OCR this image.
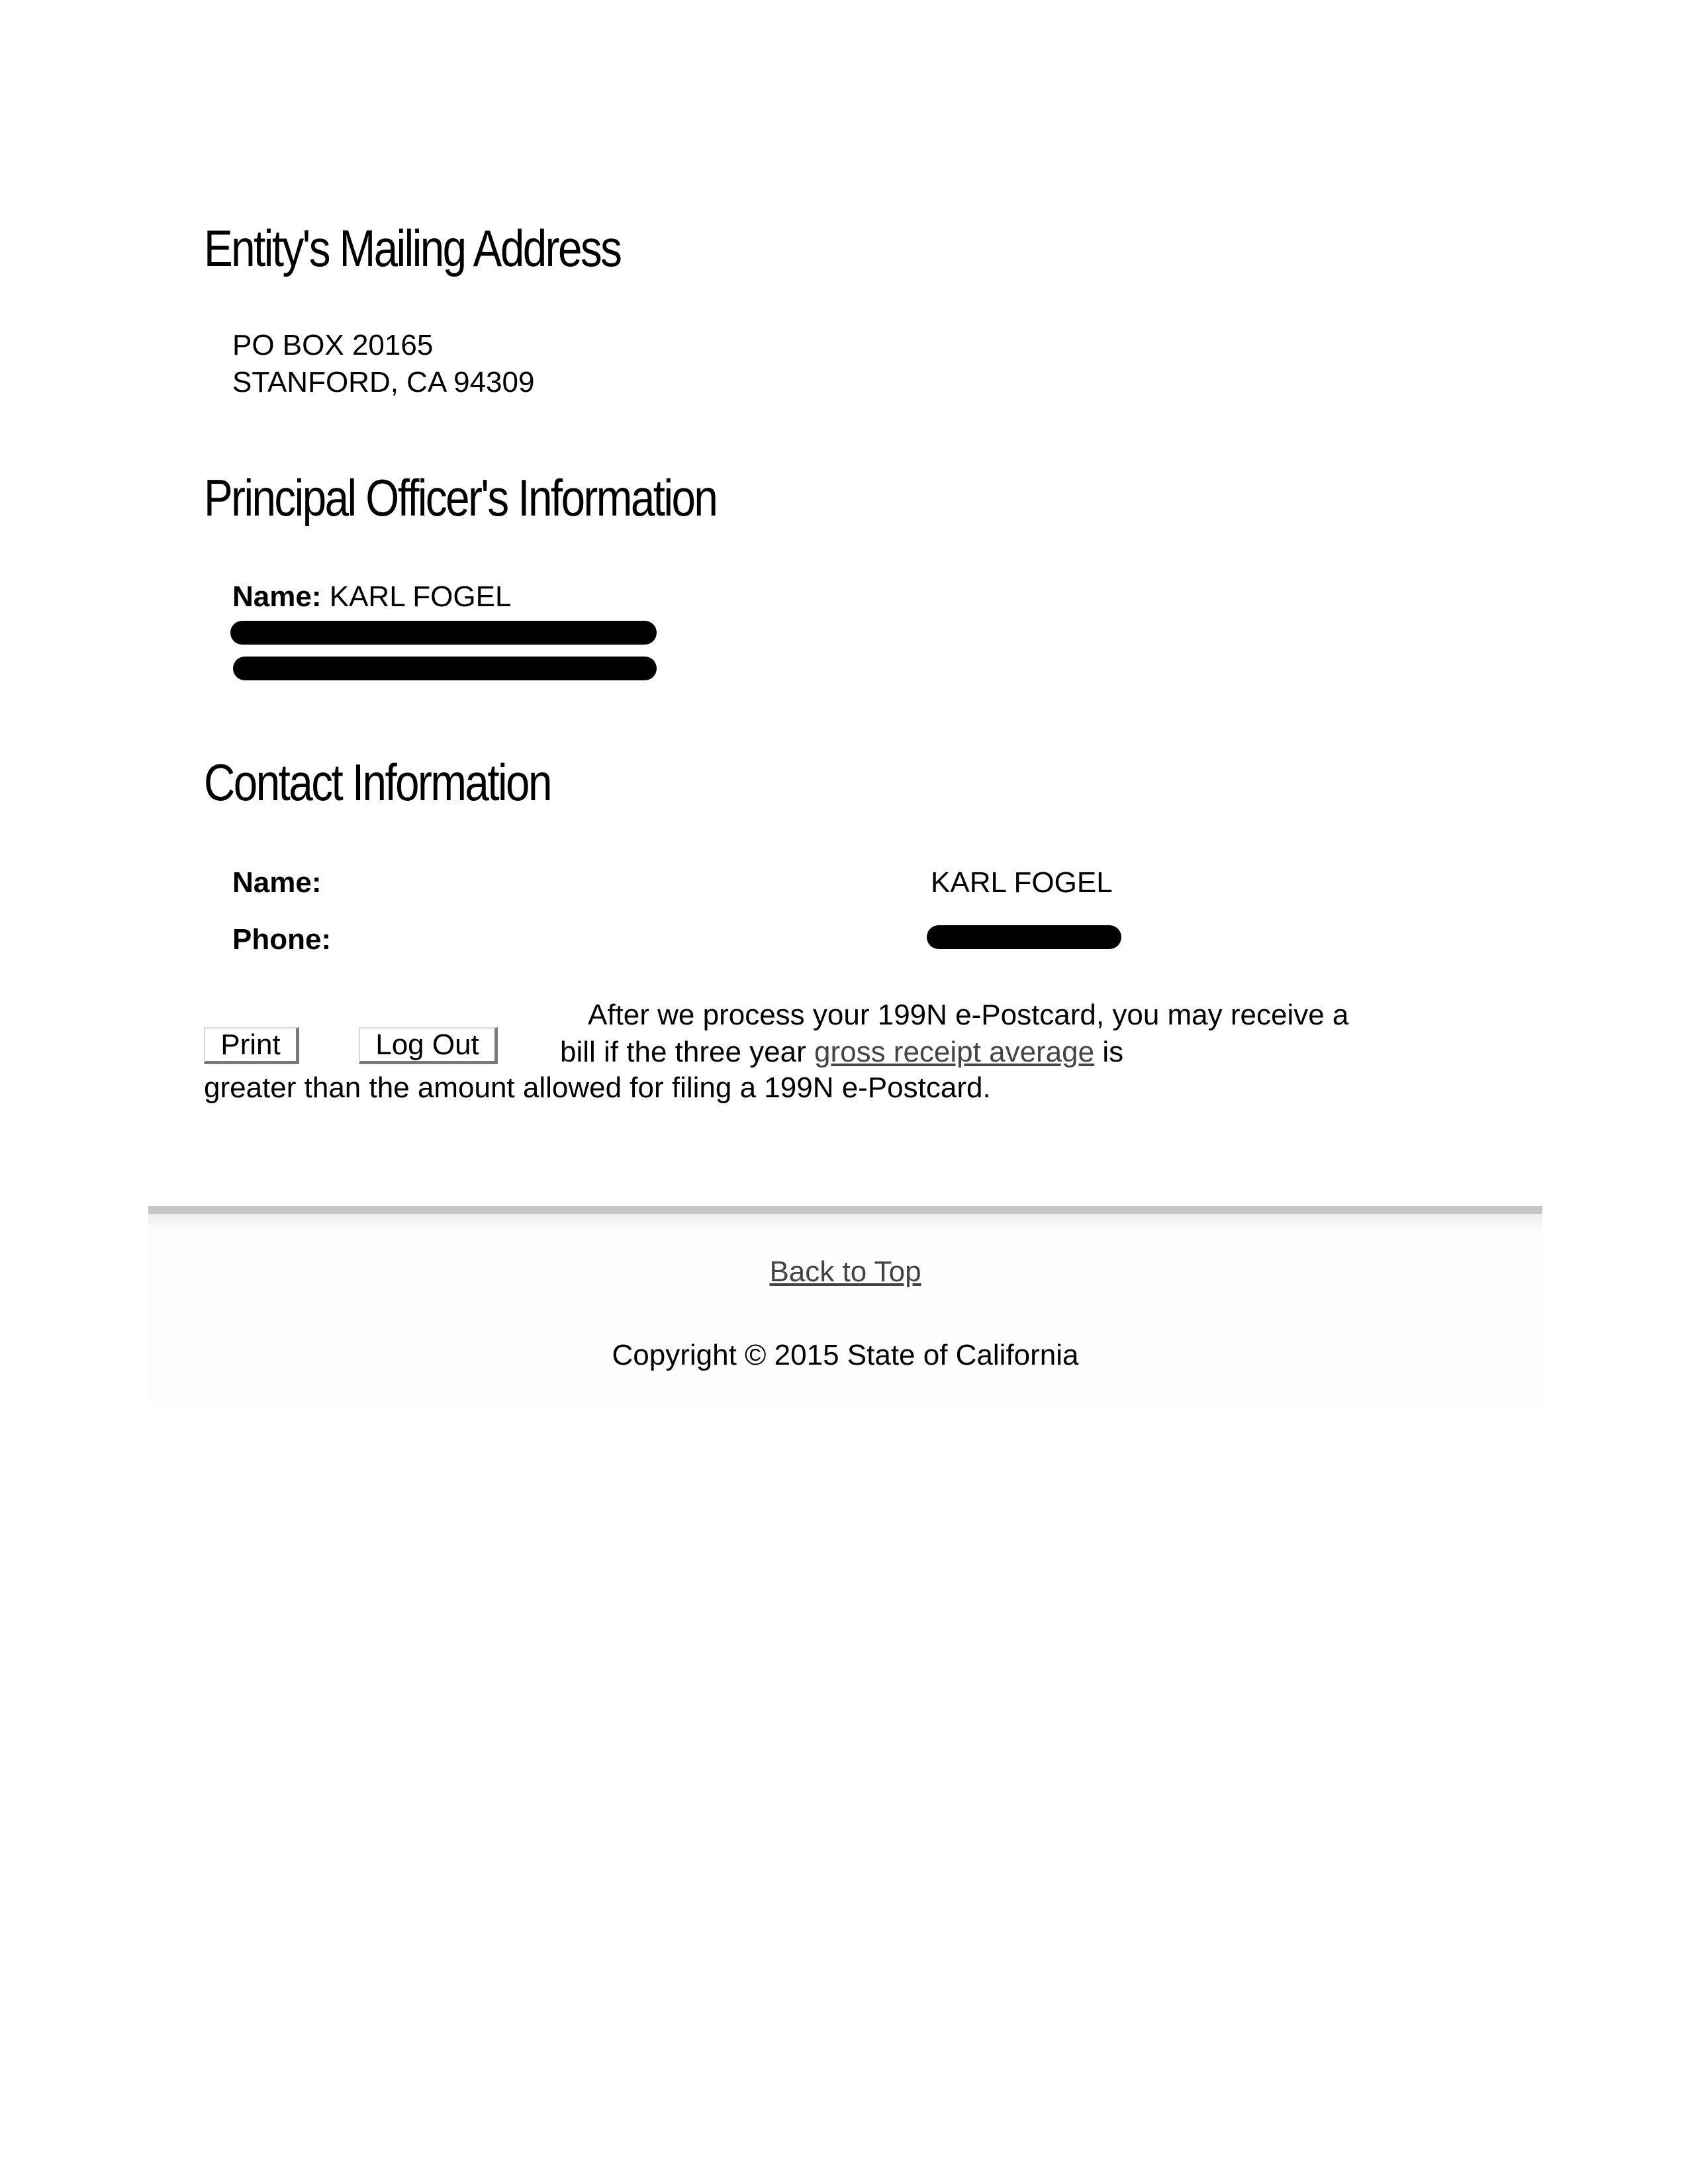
Entity's Mailing Address
PO BOX 20165
STANFORD, CA 94309
Principal Officer's Information
Name: KARL FOGEL
Contact Information
Name:	KARL FOGEL
Phone:
Print	Log Out
After we process your 199N e-Postcard, you may receive a
bill if the three year gross receipt average is
greater than the amount allowed for filing a 199N e-Postcard.
Back to Top
Copyright © 2015 State of California
